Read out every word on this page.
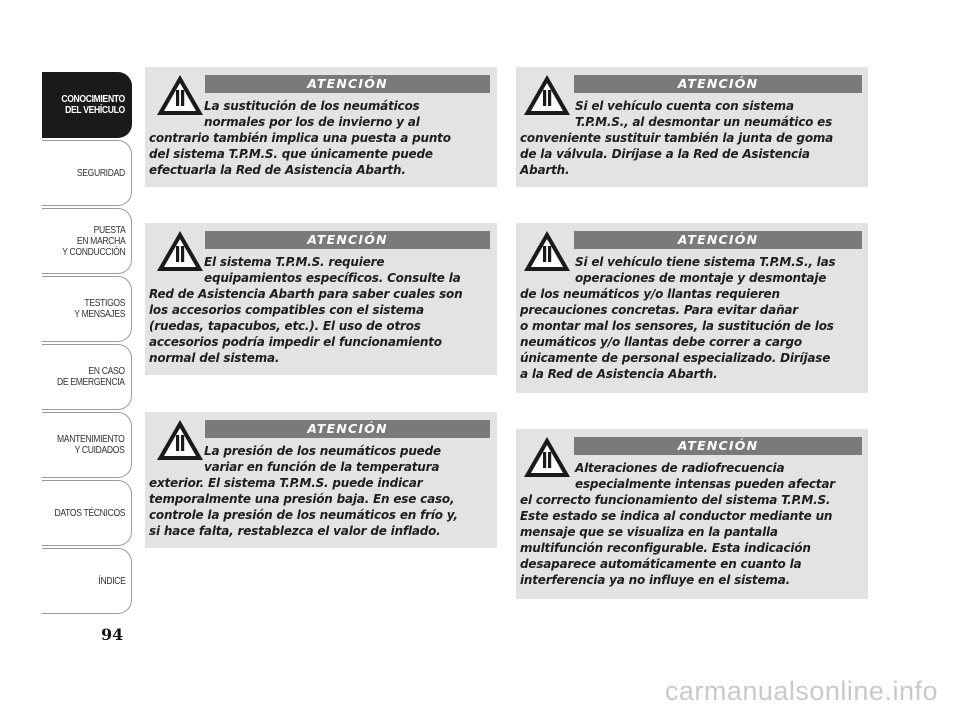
CONOCIMIENTO
DEL VEHÍCULO
SEGURIDAD
PUESTA
EN MARCHA
Y CONDUCCIÓN
TESTIGOS
Y MENSAJES
EN CASO
DE EMERGENCIA
MANTENIMIENTO
Y CUIDADOS
DATOS TÉCNICOS
ÍNDICE
94
ATENCIÓN
La sustitución de los neumáticos
normales por los de invierno y al
contrario también implica una puesta a punto
del sistema T.P.M.S. que únicamente puede
efectuarla la Red de Asistencia Abarth.
ATENCIÓN
El sistema T.P.M.S. requiere
equipamientos específicos. Consulte la
Red de Asistencia Abarth para saber cuales son
los accesorios compatibles con el sistema
(ruedas, tapacubos, etc.). El uso de otros
accesorios podría impedir el funcionamiento
normal del sistema.
ATENCIÓN
La presión de los neumáticos puede
variar en función de la temperatura
exterior. El sistema T.P.M.S. puede indicar
temporalmente una presión baja. En ese caso,
controle la presión de los neumáticos en frío y,
si hace falta, restablezca el valor de inflado.
ATENCIÓN
Si el vehículo cuenta con sistema
T.P.M.S., al desmontar un neumático es
conveniente sustituir también la junta de goma
de la válvula. Diríjase a la Red de Asistencia
Abarth.
ATENCIÓN
Si el vehículo tiene sistema T.P.M.S., las
operaciones de montaje y desmontaje
de los neumáticos y/o llantas requieren
precauciones concretas. Para evitar dañar
o montar mal los sensores, la sustitución de los
neumáticos y/o llantas debe correr a cargo
únicamente de personal especializado. Diríjase
a la Red de Asistencia Abarth.
ATENCIÓN
Alteraciones de radiofrecuencia
especialmente intensas pueden afectar
el correcto funcionamiento del sistema T.P.M.S.
Este estado se indica al conductor mediante un
mensaje que se visualiza en la pantalla
multifunción reconfigurable. Esta indicación
desaparece automáticamente en cuanto la
interferencia ya no influye en el sistema.
carmanualsonline.info
